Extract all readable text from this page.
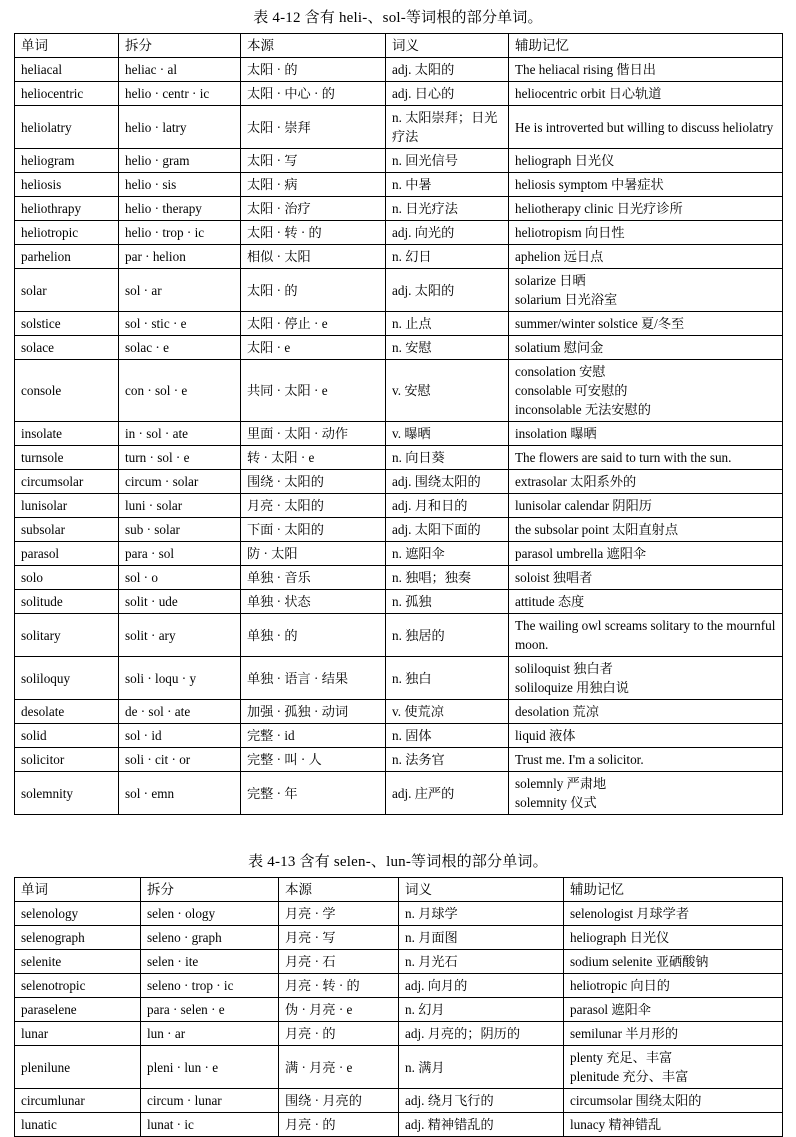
表 4-12 含有 heli-、sol-等词根的部分单词。
单词	拆分	本源	词义	辅助记忆
heliacal	heliac · al	太阳 · 的	adj. 太阳的	The heliacal rising 偕日出

heliocentric	helio · centr · ic	太阳 · 中心 · 的	adj. 日心的	heliocentric orbit 日心轨道

heliolatry	helio · latry	太阳 · 崇拜	n. 太阳崇拜；日光疗法	He is introverted but willing to discuss heliolatry

heliogram	helio · gram	太阳 · 写	n. 回光信号	heliograph 日光仪

heliosis	helio · sis	太阳 · 病	n. 中暑	heliosis symptom 中暑症状

heliothrapy	helio · therapy	太阳 · 治疗	n. 日光疗法	heliotherapy clinic 日光疗诊所

heliotropic	helio · trop · ic	太阳 · 转 · 的	adj. 向光的	heliotropism 向日性

parhelion	par · helion	相似 · 太阳	n. 幻日	aphelion 远日点

solar	sol · ar	太阳 · 的	adj. 太阳的	solarize 日晒
solarium 日光浴室

solstice	sol · stic · e	太阳 · 停止 · e	n. 止点	summer/winter solstice 夏/冬至

solace	solac · e	太阳 · e	n. 安慰	solatium 慰问金

console	con · sol · e	共同 · 太阳 · e	v. 安慰	consolation 安慰
consolable 可安慰的
inconsolable 无法安慰的

insolate	in · sol · ate	里面 · 太阳 · 动作	v. 曝晒	insolation 曝晒

turnsole	turn · sol · e	转 · 太阳 · e	n. 向日葵	The flowers are said to turn with the sun.

circumsolar	circum · solar	围绕 · 太阳的	adj. 围绕太阳的	extrasolar 太阳系外的

lunisolar	luni · solar	月亮 · 太阳的	adj. 月和日的	lunisolar calendar 阴阳历

subsolar	sub · solar	下面 · 太阳的	adj. 太阳下面的	the subsolar point 太阳直射点

parasol	para · sol	防 · 太阳	n. 遮阳伞	parasol umbrella 遮阳伞

solo	sol · o	单独 · 音乐	n. 独唱；独奏	soloist 独唱者

solitude	solit · ude	单独 · 状态	n. 孤独	attitude 态度

solitary	solit · ary	单独 · 的	n. 独居的	The wailing owl screams solitary to the mournful moon.

soliloquy	soli · loqu · y	单独 · 语言 · 结果	n. 独白	soliloquist 独白者
soliloquize 用独白说

desolate	de · sol · ate	加强 · 孤独 · 动词	v. 使荒凉	desolation 荒凉

solid	sol · id	完整 · id	n. 固体	liquid 液体

solicitor	soli · cit · or	完整 · 叫 · 人	n. 法务官	Trust me. I'm a solicitor.

solemnity	sol · emn	完整 · 年	adj. 庄严的	solemnly 严肃地
solemnity 仪式
表 4-13 含有 selen-、lun-等词根的部分单词。
单词	拆分	本源	词义	辅助记忆
selenology	selen · ology	月亮 · 学	n. 月球学	selenologist 月球学者

selenograph	seleno · graph	月亮 · 写	n. 月面图	heliograph 日光仪

selenite	selen · ite	月亮 · 石	n. 月光石	sodium selenite 亚硒酸钠

selenotropic	seleno · trop · ic	月亮 · 转 · 的	adj. 向月的	heliotropic 向日的

paraselene	para · selen · e	伪 · 月亮 · e	n. 幻月	parasol 遮阳伞

lunar	lun · ar	月亮 · 的	adj. 月亮的；阴历的	semilunar 半月形的

plenilune	pleni · lun · e	满 · 月亮 · e	n. 满月	plenty 充足、丰富
plenitude 充分、丰富

circumlunar	circum · lunar	围绕 · 月亮的	adj. 绕月飞行的	circumsolar 围绕太阳的

lunatic	lunat · ic	月亮 · 的	adj. 精神错乱的	lunacy 精神错乱
